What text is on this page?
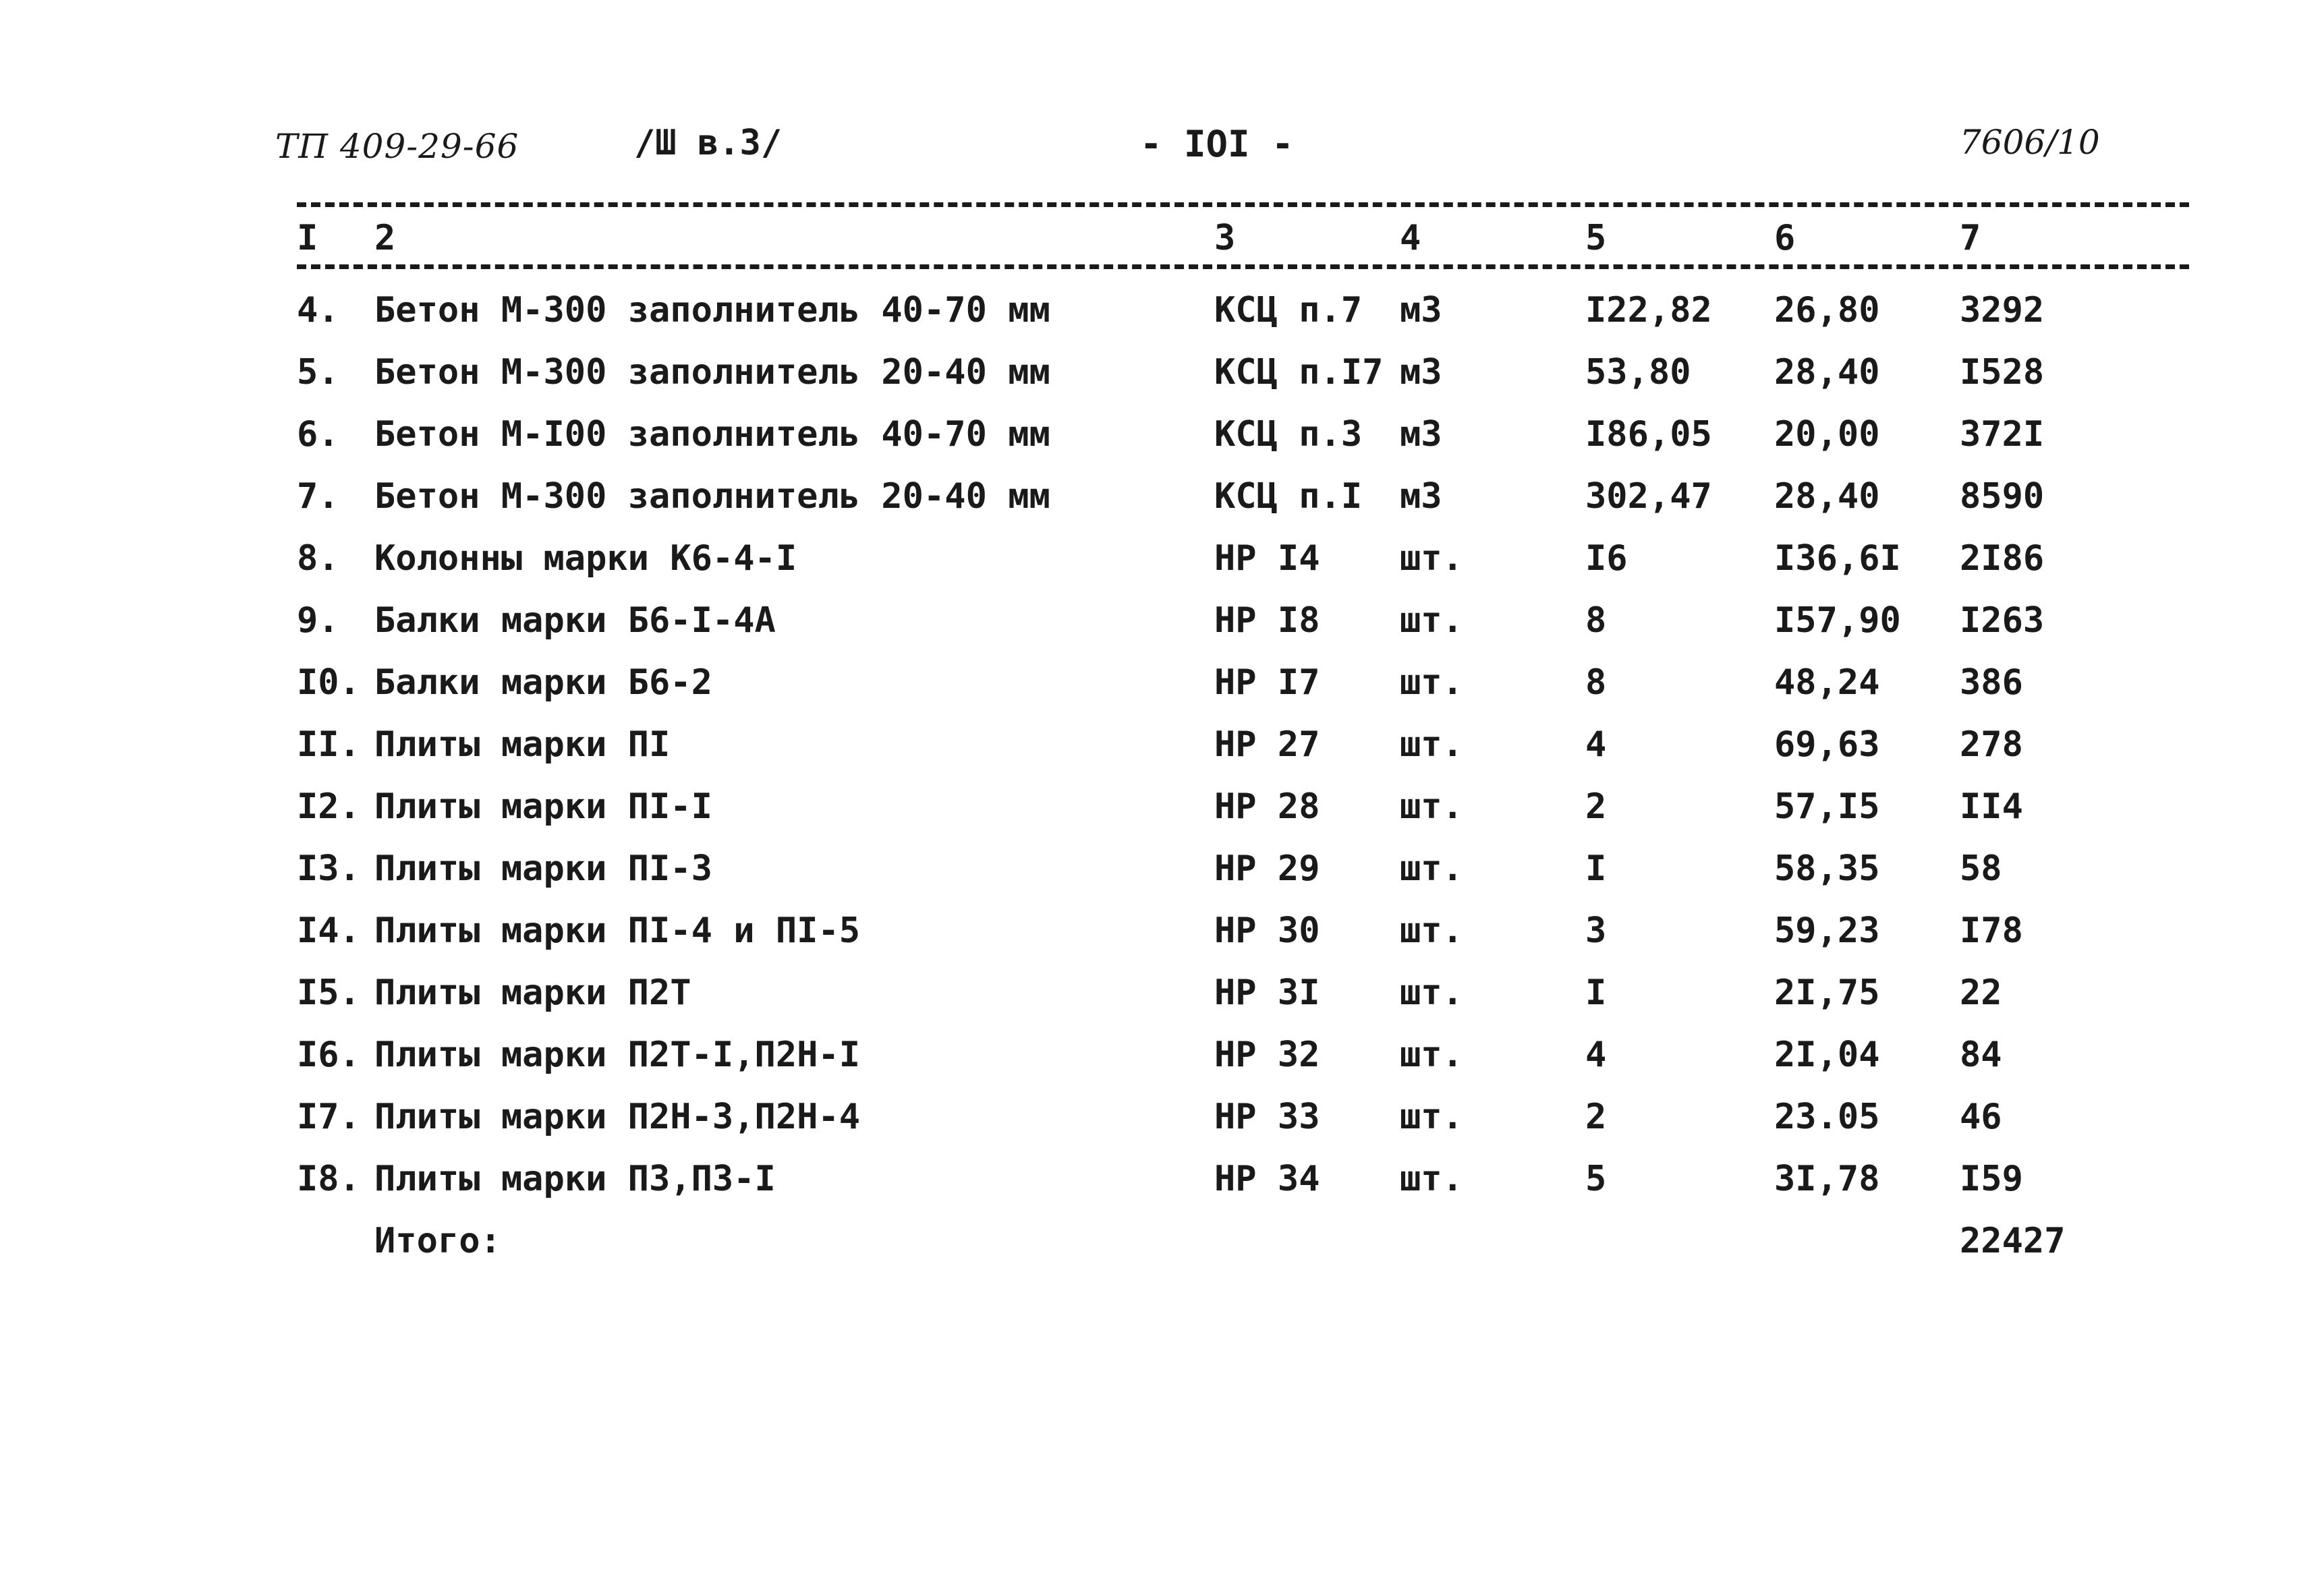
ТП 409-29-66	/Ш в.3/	- IOI -	7606/10
I 2	3	4	5	6	7
4. Бетон М-300 заполнитель 40-70 мм	КСЦ п.7 м3	I22,82 26,80 3292
5. Бетон М-300 заполнитель 20-40 мм	КСЦ п.I7 м3	53,80 28,40 I528
6. Бетон М-I00 заполнитель 40-70 мм	КСЦ п.3 м3	I86,05 20,00 372I
7. Бетон М-300 заполнитель 20-40 мм	КСЦ п.I м3	302,47 28,40 8590
8. Колонны марки К6-4-I	НР I4 шт.	I6	I36,6I 2I86
9. Балки марки Б6-I-4А	НР I8 шт.	8	I57,90 I263
I0. Балки марки Б6-2	НР I7 шт.	8	48,24 386
II. Плиты марки ПI	НР 27 шт.	4	69,63 278
I2. Плиты марки ПI-I	НР 28 шт.	2	57,I5 II4
I3. Плиты марки ПI-3	НР 29 шт.	I	58,35 58
I4. Плиты марки ПI-4 и ПI-5	НР 30 шт.	3	59,23 I78
I5. Плиты марки П2Т	НР 3I шт.	I	2I,75 22
I6. Плиты марки П2Т-I,П2Н-I	НР 32 шт.	4	2I,04 84
I7. Плиты марки П2Н-3,П2Н-4	НР 33 шт.	2	23.05 46
I8. Плиты марки П3,П3-I	НР 34 шт.	5	3I,78 I59
Итого:	22427
